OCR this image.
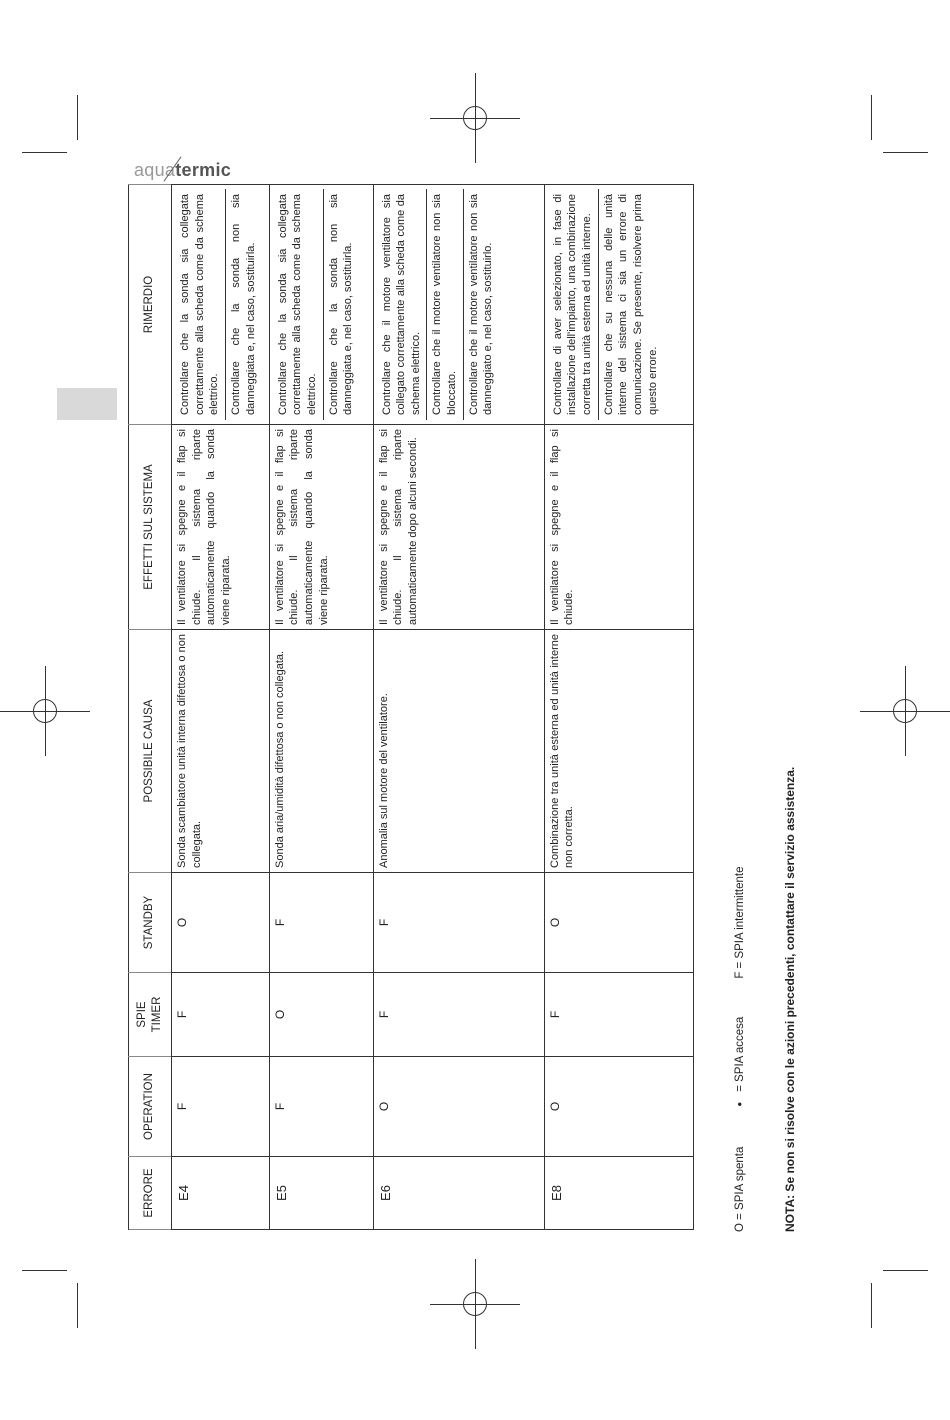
aquatermic
ERRORE	OPERATION	SPIE TIMER	STANDBY	POSSIBILE CAUSA	EFFETTI SUL SISTEMA	RIMERDIO
E4	F	F	O	Sonda scambiatore unità interna difettosa o non collegata.	Il ventilatore si spegne e il flap si chiude. Il sistema riparte automaticamente quando la sonda viene riparata.	Controllare che la sonda sia collegata correttamente alla scheda come da schema elettrico. Controllare che la sonda non sia danneggiata e, nel caso, sostituirla.

E5	F	O	F	Sonda aria/umidità difettosa o non collegata.	Il ventilatore si spegne e il flap si chiude. Il sistema riparte automaticamente quando la sonda viene riparata.	Controllare che la sonda sia collegata correttamente alla scheda come da schema elettrico. Controllare che la sonda non sia danneggiata e, nel caso, sostituirla.

E6	O	F	F	Anomalia sul motore del ventilatore.	Il ventilatore si spegne e il flap si chiude. Il sistema riparte automaticamente dopo alcuni secondi.	Controllare che il motore ventilatore sia collegato correttamente alla scheda come da schema elettrico. Controllare che il motore ventilatore non sia bloccato. Controllare che il motore ventilatore non sia danneggiato e, nel caso, sostituirlo.

E8	O	F	O	Combinazione tra unità esterna ed unità interne non corretta.	Il ventilatore si spegne e il flap si chiude.	Controllare di aver selezionato, in fase di installazione dell'impianto, una combinazione corretta tra unità esterna ed unità interne. Controllare che su nessuna delle unità interne del sistema ci sia un errore di comunicazione. Se presente, risolvere prima questo errore.
O = SPIA spenta●= SPIA accesaF = SPIA intermittente	NOTA: Se non si risolve con le azioni precedenti, contattare il servizio assistenza.
